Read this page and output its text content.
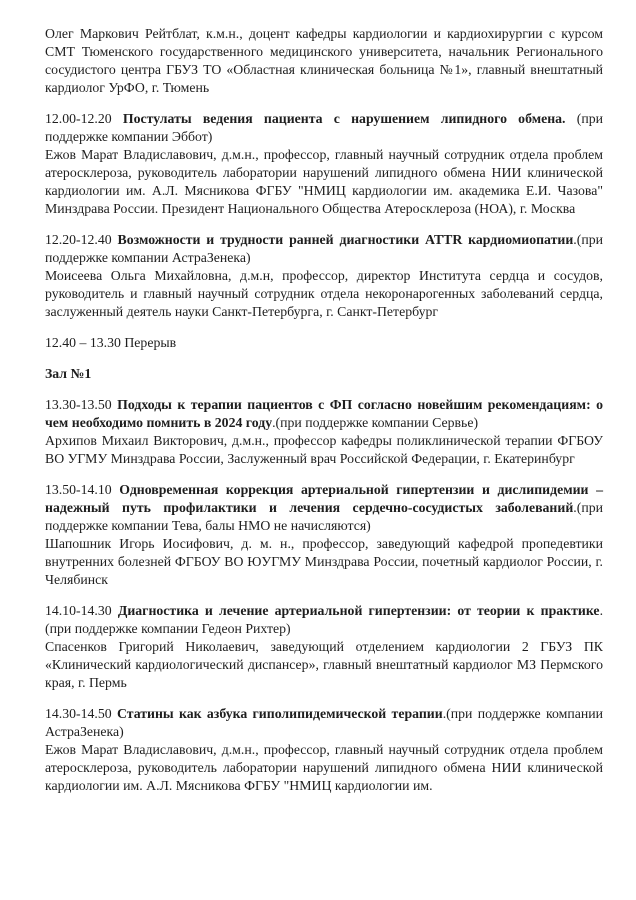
Олег Маркович Рейтблат, к.м.н., доцент кафедры кардиологии и кардиохирургии с курсом СМТ Тюменского государственного медицинского университета, начальник Регионального сосудистого центра ГБУЗ ТО «Областная клиническая больница №1», главный внештатный кардиолог УрФО, г. Тюмень

12.00-12.20 Постулаты ведения пациента с нарушением липидного обмена. (при поддержке компании Эббот)

Ежов Марат Владиславович, д.м.н., профессор, главный научный сотрудник отдела проблем атеросклероза, руководитель лаборатории нарушений липидного обмена НИИ клинической кардиологии им. А.Л. Мясникова ФГБУ "НМИЦ кардиологии им. академика Е.И. Чазова" Минздрава России. Президент Национального Общества Атеросклероза (НОА), г. Москва

12.20-12.40 Возможности и трудности ранней диагностики ATTR кардиомиопатии.(при поддержке компании АстраЗенека)

Моисеева Ольга Михайловна, д.м.н, профессор, директор Института сердца и сосудов, руководитель и главный научный сотрудник отдела некоронарогенных заболеваний сердца, заслуженный деятель науки Санкт-Петербурга, г. Санкт-Петербург

12.40 – 13.30 Перерыв

Зал №1

13.30-13.50 Подходы к терапии пациентов с ФП согласно новейшим рекомендациям: о чем необходимо помнить в 2024 году.(при поддержке компании Сервье)

Архипов Михаил Викторович, д.м.н., профессор кафедры поликлинической терапии ФГБОУ ВО УГМУ Минздрава России, Заслуженный врач Российской Федерации, г. Екатеринбург

13.50-14.10 Одновременная коррекция артериальной гипертензии и дислипидемии – надежный путь профилактики и лечения сердечно-сосудистых заболеваний.(при поддержке компании Тева, балы НМО не начисляются)

Шапошник Игорь Иосифович, д. м. н., профессор, заведующий кафедрой пропедевтики внутренних болезней ФГБОУ ВО ЮУГМУ Минздрава России, почетный кардиолог России, г. Челябинск

14.10-14.30 Диагностика и лечение артериальной гипертензии: от теории к практике.(при поддержке компании Гедеон Рихтер)

Спасенков Григорий Николаевич, заведующий отделением кардиологии 2 ГБУЗ ПК «Клинический кардиологический диспансер», главный внештатный кардиолог МЗ Пермского края, г. Пермь

14.30-14.50 Статины как азбука гиполипидемической терапии.(при поддержке компании АстраЗенека)

Ежов Марат Владиславович, д.м.н., профессор, главный научный сотрудник отдела проблем атеросклероза, руководитель лаборатории нарушений липидного обмена НИИ клинической кардиологии им. А.Л. Мясникова ФГБУ "НМИЦ кардиологии им.
